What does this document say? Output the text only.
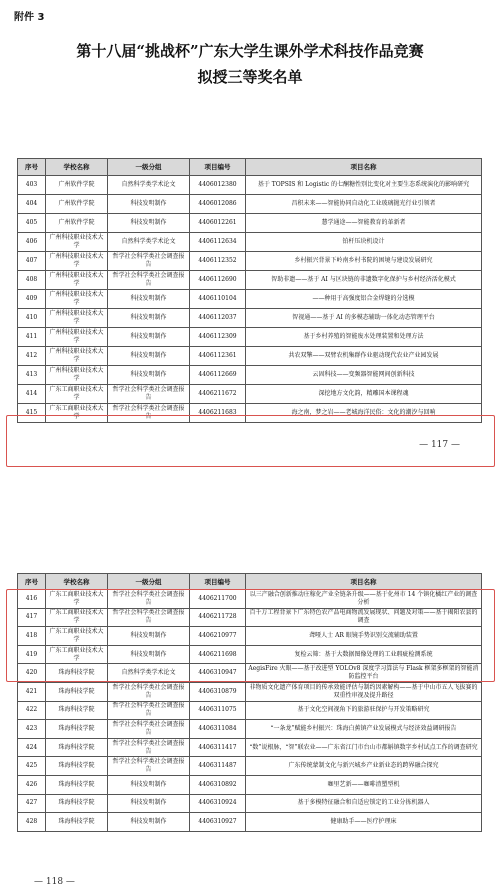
附件 3
第十八届“挑战杯”广东大学生课外学术科技作品竞赛
拟授三等奖名单
序号	学校名称	一级分组	项目编号	项目名称
403	广州软件学院	自然科学类学术论文	4406012380	基于 TOPSIS 和 Logistic 的七酮糖性别比变化对主要生态系统演化的影响研究
404	广州软件学院	科技发明制作	4406012086	昌积未来——智能协同自动化工业玻璃抛光行业引领者
405	广州软件学院	科技发明制作	4406012261	慧学通途——智能教育的革新者
406	广州科技职业技术大学	自然科学类学术论文	4406112634	铂杆压块机设计
407	广州科技职业技术大学	哲学社会科学类社会调查报告	4406112352	乡村振兴背景下岭南乡村书院的困境与建设发展研究
408	广州科技职业技术大学	哲学社会科学类社会调查报告	4406112690	智助非遗——基于 AI 与区块链的非遗数字化保护与乡村经济活化模式
409	广州科技职业技术大学	科技发明制作	4406110104	——种用于高强度铝合金焊缝的分选模
410	广州科技职业技术大学	科技发明制作	4406112037	智视通——基于 AI 的多模态辅助一体化动态管理平台
411	广州科技职业技术大学	科技发明制作	4406112309	基于乡村养殖的智能废水处理装置和处理方法
412	广州科技职业技术大学	科技发明制作	4406112361	共农双擎——双臂农机集群作业驱动现代农业产业园发展
413	广州科技职业技术大学	科技发明制作	4406112669	云固科技——变频器智能网间创新科技
414	广东工商职业技术大学	哲学社会科学类社会调查报告	4406211672	深挖地方文化韵，精雕国本课程魂
415	广东工商职业技术大学	哲学社会科学类社会调查报告	4406211683	海之南，梦之岩——老城海洋民俗：文化的潮汐与回响
— 117 —
序号	学校名称	一级分组	项目编号	项目名称
416	广东工商职业技术大学	哲学社会科学类社会调查报告	4406211700	以三产融合创新推动庄稼化产业全链条升级——基于化州市 14 个镇化橘红产业的调查分析
417	广东工商职业技术大学	哲学社会科学类社会调查报告	4406211728	百千万工程背景下广东特色农产品电商物流发展现状、问题及对策——基于揭阳农县的调查
418	广东工商职业技术大学	科技发明制作	4406210977	聋哑人士 AR 眼镜手势识别交流辅助装置
419	广东工商职业技术大学	科技发明制作	4406211698	复检云筛：基于大数据图像处理的工业瑕疵检测系统
420	珠海科技学院	自然科学类学术论文	4406310947	AegisFire 火眼——基于改进型 YOLOv8 深度学习算法与 Flask 框架多框架的智能消防监控平台
421	珠海科技学院	哲学社会科学类社会调查报告	4406310879	非物质文化遗产体育项目的传承效能评估与制约因素解构——基于中山市五人飞拔赛的双重性审视及提升路径
422	珠海科技学院	哲学社会科学类社会调查报告	4406311075	基于文化空间视角下的旅游驻保护与开发策略研究
423	珠海科技学院	哲学社会科学类社会调查报告	4406311084	“一条龙”赋能乡村振兴：珠海白蕉镇产业发展模式与经济效益调研报告
424	珠海科技学院	哲学社会科学类社会调查报告	4406311417	“数”说根脉，“智”联农业——广东省江门市台山市都斛镇数字乡村试点工作的调查研究
425	珠海科技学院	哲学社会科学类社会调查报告	4406311487	广东传统蒙制文化与新兴城乡产业新业态的跨界融合探究
426	珠海科技学院	科技发明制作	4406310892	咖里艺新——咖啡渣塑型机
427	珠海科技学院	科技发明制作	4406310924	基于多模特征融合和自适应锁定的工业分拣机器人
428	珠海科技学院	科技发明制作	4406310927	健康助手——医疗护理床
— 118 —
